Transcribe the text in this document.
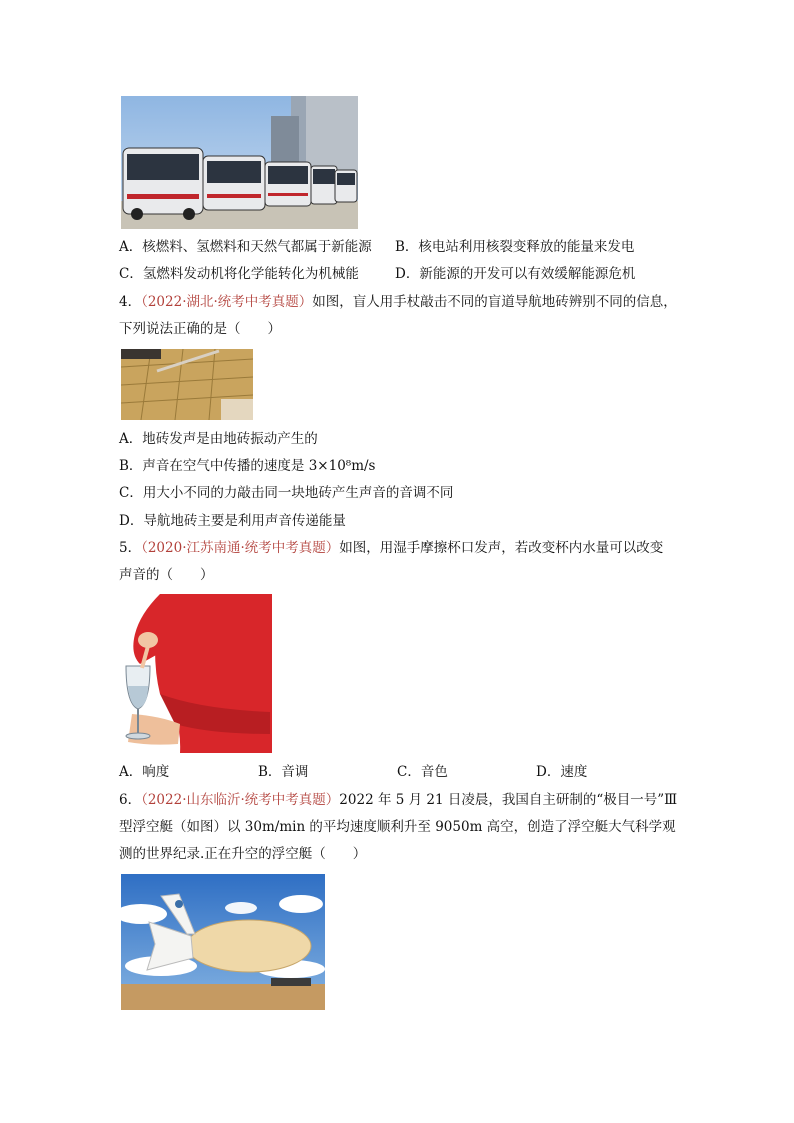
A．核燃料、氢燃料和天然气都属于新能源 B．核电站利用核裂变释放的能量来发电
C．氢燃料发动机将化学能转化为机械能	D．新能源的开发可以有效缓解能源危机
4．（2022·湖北·统考中考真题）如图，盲人用手杖敲击不同的盲道导航地砖辨别不同的信息，
下列说法正确的是（　　）
A．地砖发声是由地砖振动产生的
B．声音在空气中传播的速度是 3×10⁸m/s
C．用大小不同的力敲击同一块地砖产生声音的音调不同
D．导航地砖主要是利用声音传递能量
5．（2020·江苏南通·统考中考真题）如图，用湿手摩擦杯口发声，若改变杯内水量可以改变
声音的（　　）
A．响度	B．音调	C．音色	D．速度
6．（2022·山东临沂·统考中考真题）2022 年 5 月 21 日凌晨，我国自主研制的“极目一号”Ⅲ
型浮空艇（如图）以 30m/min 的平均速度顺利升至 9050m 高空，创造了浮空艇大气科学观
测的世界纪录.正在升空的浮空艇（　　）
